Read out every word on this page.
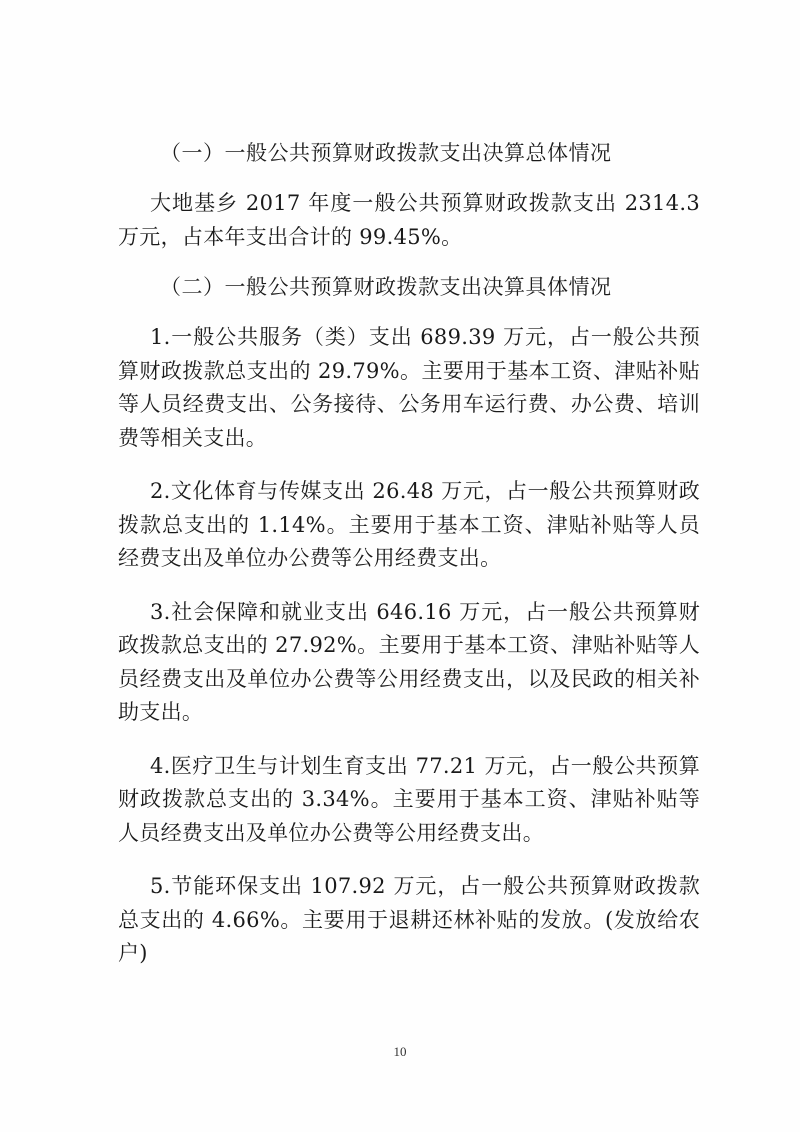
（一）一般公共预算财政拨款支出决算总体情况

大地基乡 2017 年度一般公共预算财政拨款支出 2314.3 万元，占本年支出合计的 99.45%。

（二）一般公共预算财政拨款支出决算具体情况

1.一般公共服务（类）支出 689.39 万元，占一般公共预算财政拨款总支出的 29.79%。主要用于基本工资、津贴补贴等人员经费支出、公务接待、公务用车运行费、办公费、培训费等相关支出。

2.文化体育与传媒支出 26.48 万元，占一般公共预算财政拨款总支出的 1.14%。主要用于基本工资、津贴补贴等人员经费支出及单位办公费等公用经费支出。

3.社会保障和就业支出 646.16 万元，占一般公共预算财政拨款总支出的 27.92%。主要用于基本工资、津贴补贴等人员经费支出及单位办公费等公用经费支出，以及民政的相关补助支出。

4.医疗卫生与计划生育支出 77.21 万元，占一般公共预算财政拨款总支出的 3.34%。主要用于基本工资、津贴补贴等人员经费支出及单位办公费等公用经费支出。

5.节能环保支出 107.92 万元，占一般公共预算财政拨款总支出的 4.66%。主要用于退耕还林补贴的发放。(发放给农户)

10
